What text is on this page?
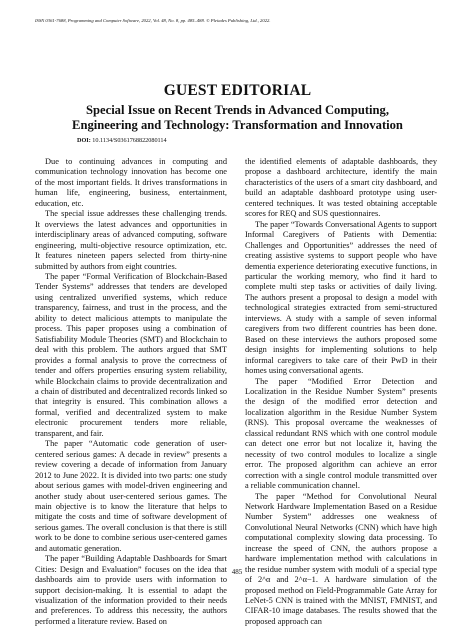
ISSN 0361-7688, Programming and Computer Software, 2022, Vol. 48, No. 8, pp. 485–488. © Pleiades Publishing, Ltd., 2022.
GUEST EDITORIAL
Special Issue on Recent Trends in Advanced Computing,
Engineering and Technology: Transformation and Innovation
DOI: 10.1134/S0361768822080114

Due to continuing advances in computing and communication technology innovation has become one of the most important fields. It drives transformations in human life, engineering, business, entertainment, education, etc.

The special issue addresses these challenging trends. It overviews the latest advances and opportunities in interdisciplinary areas of advanced computing, software engineering, multi-objective resource optimization, etc. It features nineteen papers selected from thirty-nine submitted by authors from eight countries.

The paper “Formal Verification of Blockchain-Based Tender Systems” addresses that tenders are developed using centralized unverified systems, which reduce transparency, fairness, and trust in the process, and the ability to detect malicious attempts to manipulate the process. This paper proposes using a combination of Satisfiability Module Theories (SMT) and Blockchain to deal with this problem. The authors argued that SMT provides a formal analysis to prove the correctness of tender and offers properties ensuring system reliability, while Blockchain claims to provide decentralization and a chain of distributed and decentralized records linked so that integrity is ensured. This combination allows a formal, verified and decentralized system to make electronic procurement tenders more reliable, transparent, and fair.

The paper “Automatic code generation of user-centered serious games: A decade in review” presents a review covering a decade of information from January 2012 to June 2022. It is divided into two parts: one study about serious games with model-driven engineering and another study about user-centered serious games. The main objective is to know the literature that helps to mitigate the costs and time of software development of serious games. The overall conclusion is that there is still work to be done to combine serious user-centered games and automatic generation.

The paper “Building Adaptable Dashboards for Smart Cities: Design and Evaluation” focuses on the idea that dashboards aim to provide users with information to support decision-making. It is essential to adapt the visualization of the information provided to their needs and preferences. To address this necessity, the authors performed a literature review. Based on

the identified elements of adaptable dashboards, they propose a dashboard architecture, identify the main characteristics of the users of a smart city dashboard, and build an adaptable dashboard prototype using user-centered techniques. It was tested obtaining acceptable scores for REQ and SUS questionnaires.

The paper “Towards Conversational Agents to support Informal Caregivers of Patients with Dementia: Challenges and Opportunities” addresses the need of creating assistive systems to support people who have dementia experience deteriorating executive functions, in particular the working memory, who find it hard to complete multi step tasks or activities of daily living. The authors present a proposal to design a model with technological strategies extracted from semi-structured interviews. A study with a sample of seven informal caregivers from two different countries has been done. Based on these interviews the authors proposed some design insights for implementing solutions to help informal caregivers to take care of their PwD in their homes using conversational agents.

The paper “Modified Error Detection and Localization in the Residue Number System” presents the design of the modified error detection and localization algorithm in the Residue Number System (RNS). This proposal overcame the weaknesses of classical redundant RNS which with one control module can detect one error but not localize it, having the necessity of two control modules to localize a single error. The proposed algorithm can achieve an error correction with a single control module transmitted over a reliable communication channel.

The paper “Method for Convolutional Neural Network Hardware Implementation Based on a Residue Number System” addresses one weakness of Convolutional Neural Networks (CNN) which have high computational complexity slowing data processing. To increase the speed of CNN, the authors propose a hardware implementation method with calculations in the residue number system with moduli of a special type of 2^α and 2^α−1. A hardware simulation of the proposed method on Field-Programmable Gate Array for LeNet-5 CNN is trained with the MNIST, FMNIST, and CIFAR-10 image databases. The results showed that the proposed approach can

485
